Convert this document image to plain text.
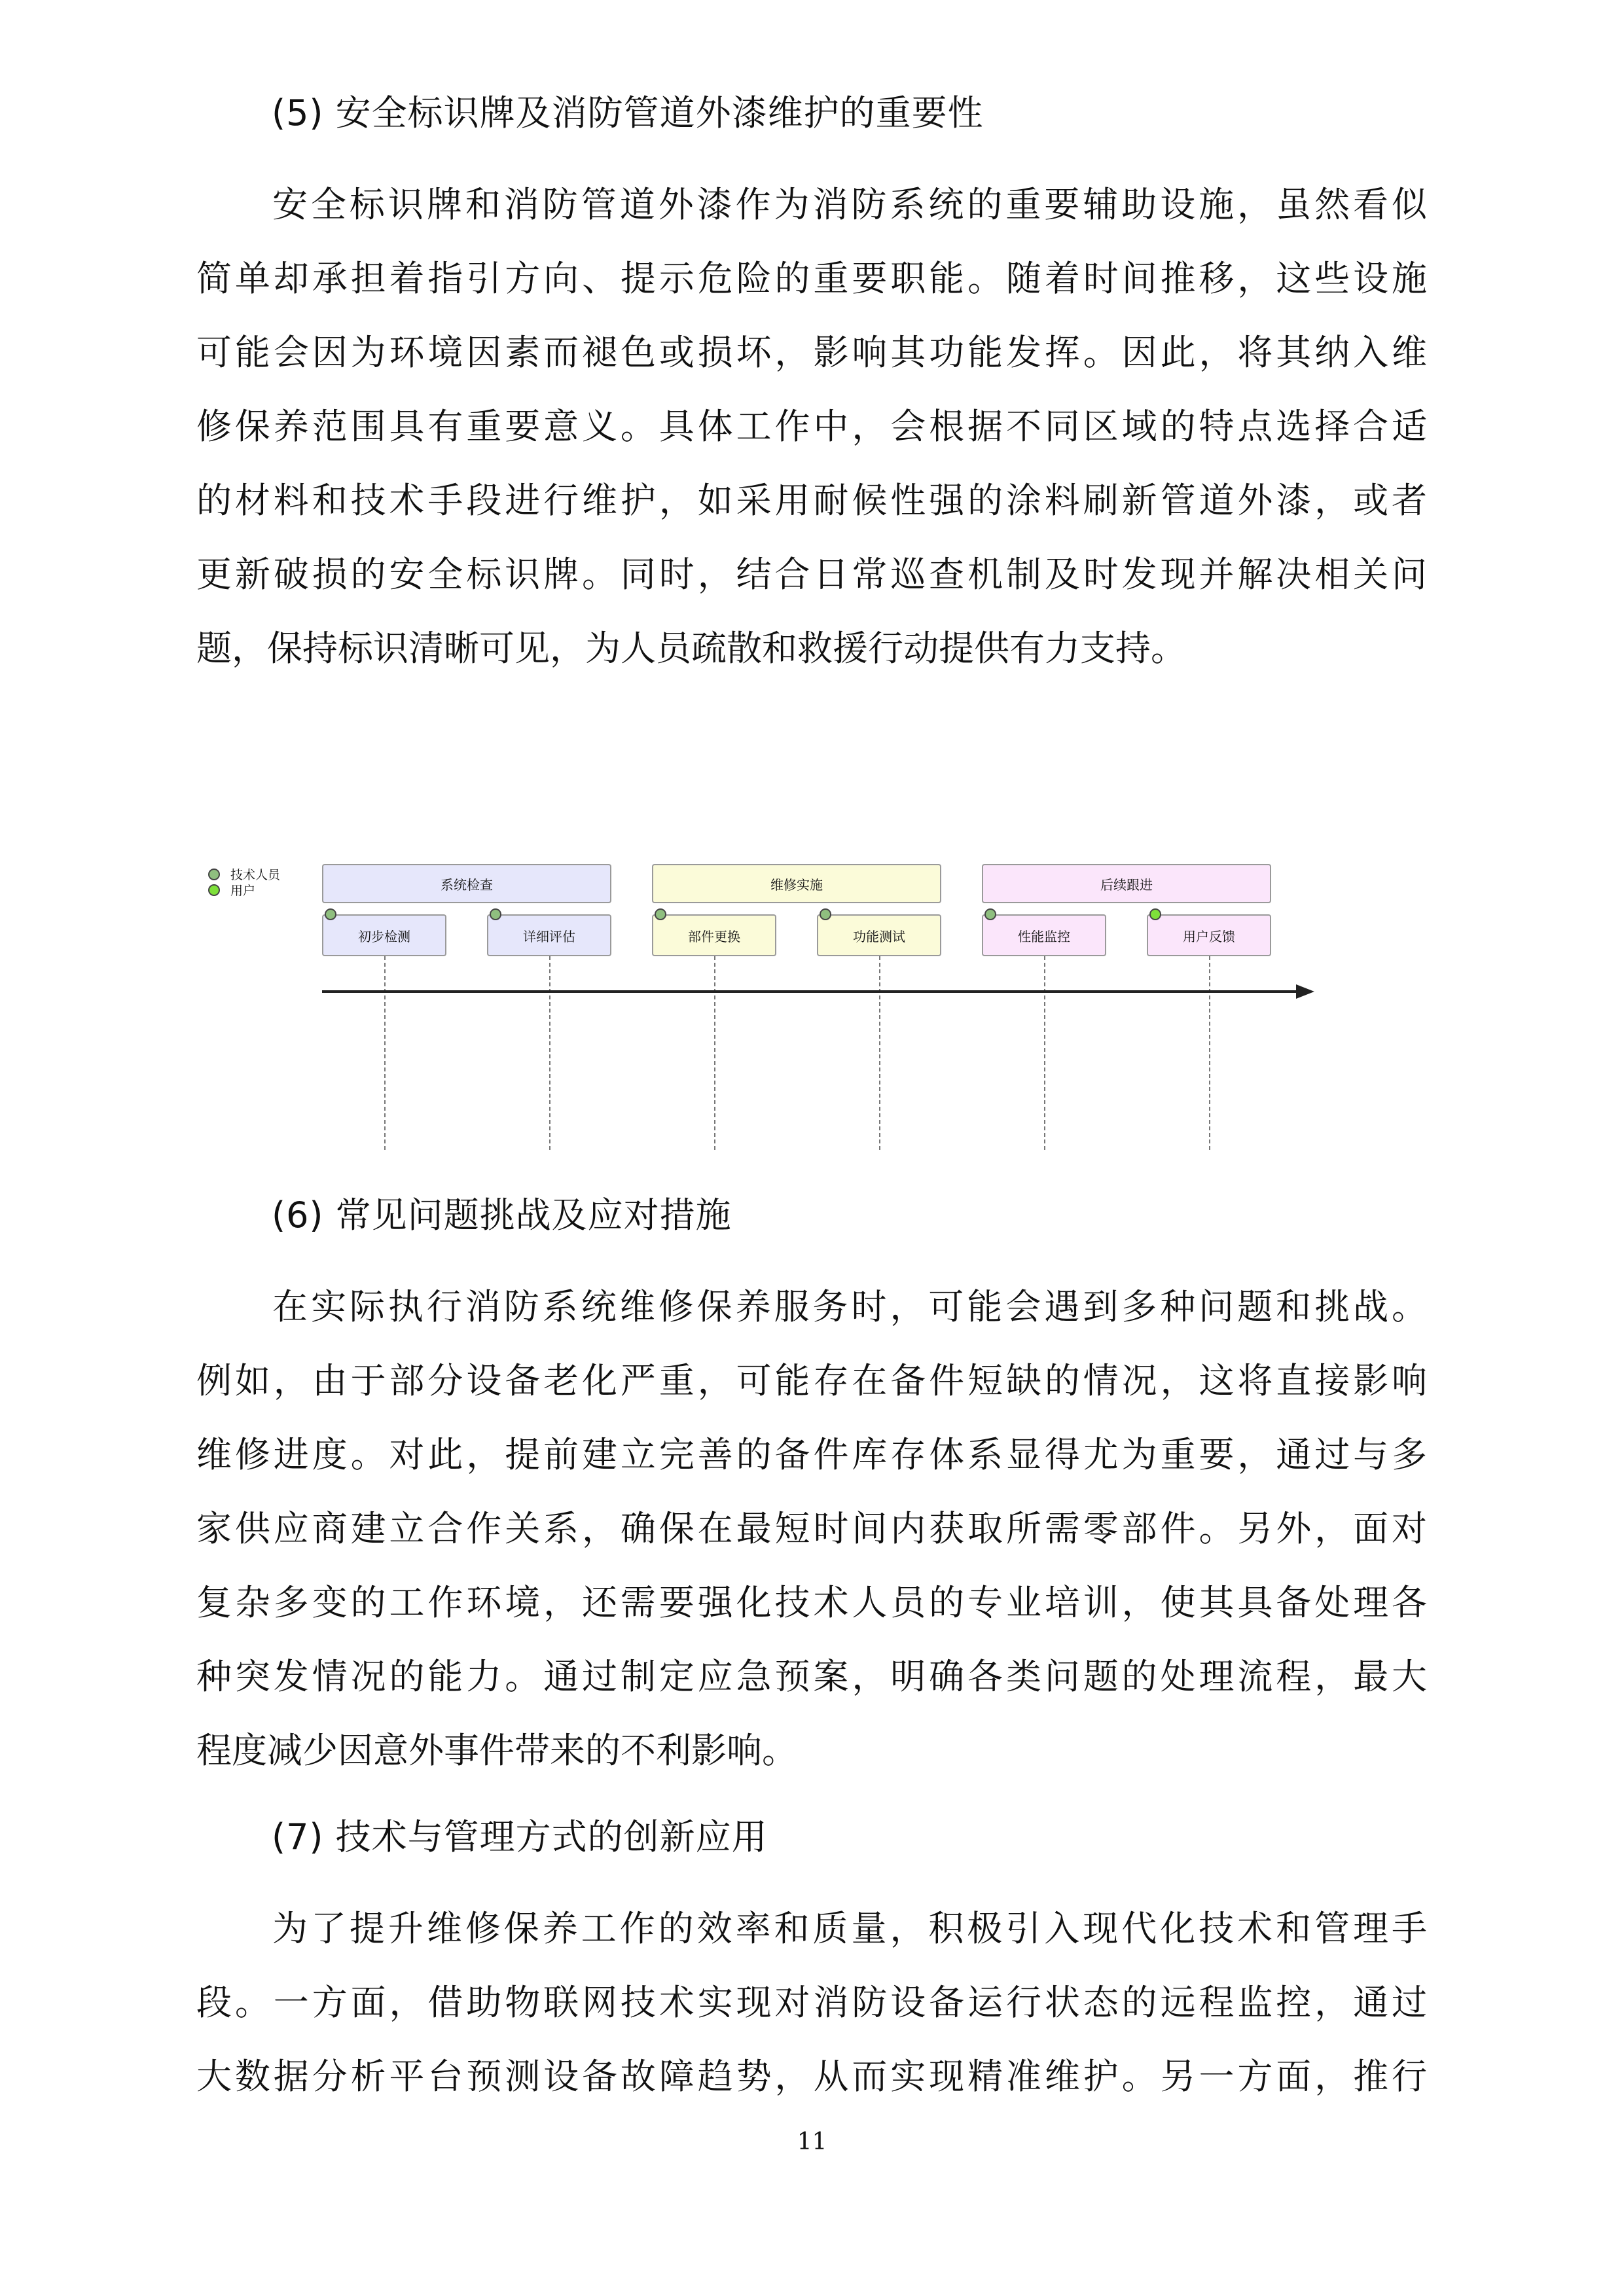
(5) 安全标识牌及消防管道外漆维护的重要性
安全标识牌和消防管道外漆作为消防系统的重要辅助设施，虽然看似
简单却承担着指引方向、提示危险的重要职能。随着时间推移，这些设施
可能会因为环境因素而褪色或损坏，影响其功能发挥。因此，将其纳入维
修保养范围具有重要意义。具体工作中，会根据不同区域的特点选择合适
的材料和技术手段进行维护，如采用耐候性强的涂料刷新管道外漆，或者
更新破损的安全标识牌。同时，结合日常巡查机制及时发现并解决相关问
题，保持标识清晰可见，为人员疏散和救援行动提供有力支持。
技术人员
用户	系统检查	维修实施	后续跟进
初步检测	详细评估	部件更换	功能测试	性能监控	用户反馈
(6) 常见问题挑战及应对措施
在实际执行消防系统维修保养服务时，可能会遇到多种问题和挑战。
例如，由于部分设备老化严重，可能存在备件短缺的情况，这将直接影响
维修进度。对此，提前建立完善的备件库存体系显得尤为重要，通过与多
家供应商建立合作关系，确保在最短时间内获取所需零部件。另外，面对
复杂多变的工作环境，还需要强化技术人员的专业培训，使其具备处理各
种突发情况的能力。通过制定应急预案，明确各类问题的处理流程，最大
程度减少因意外事件带来的不利影响。
(7) 技术与管理方式的创新应用
为了提升维修保养工作的效率和质量，积极引入现代化技术和管理手
段。一方面，借助物联网技术实现对消防设备运行状态的远程监控，通过
大数据分析平台预测设备故障趋势，从而实现精准维护。另一方面，推行
11
